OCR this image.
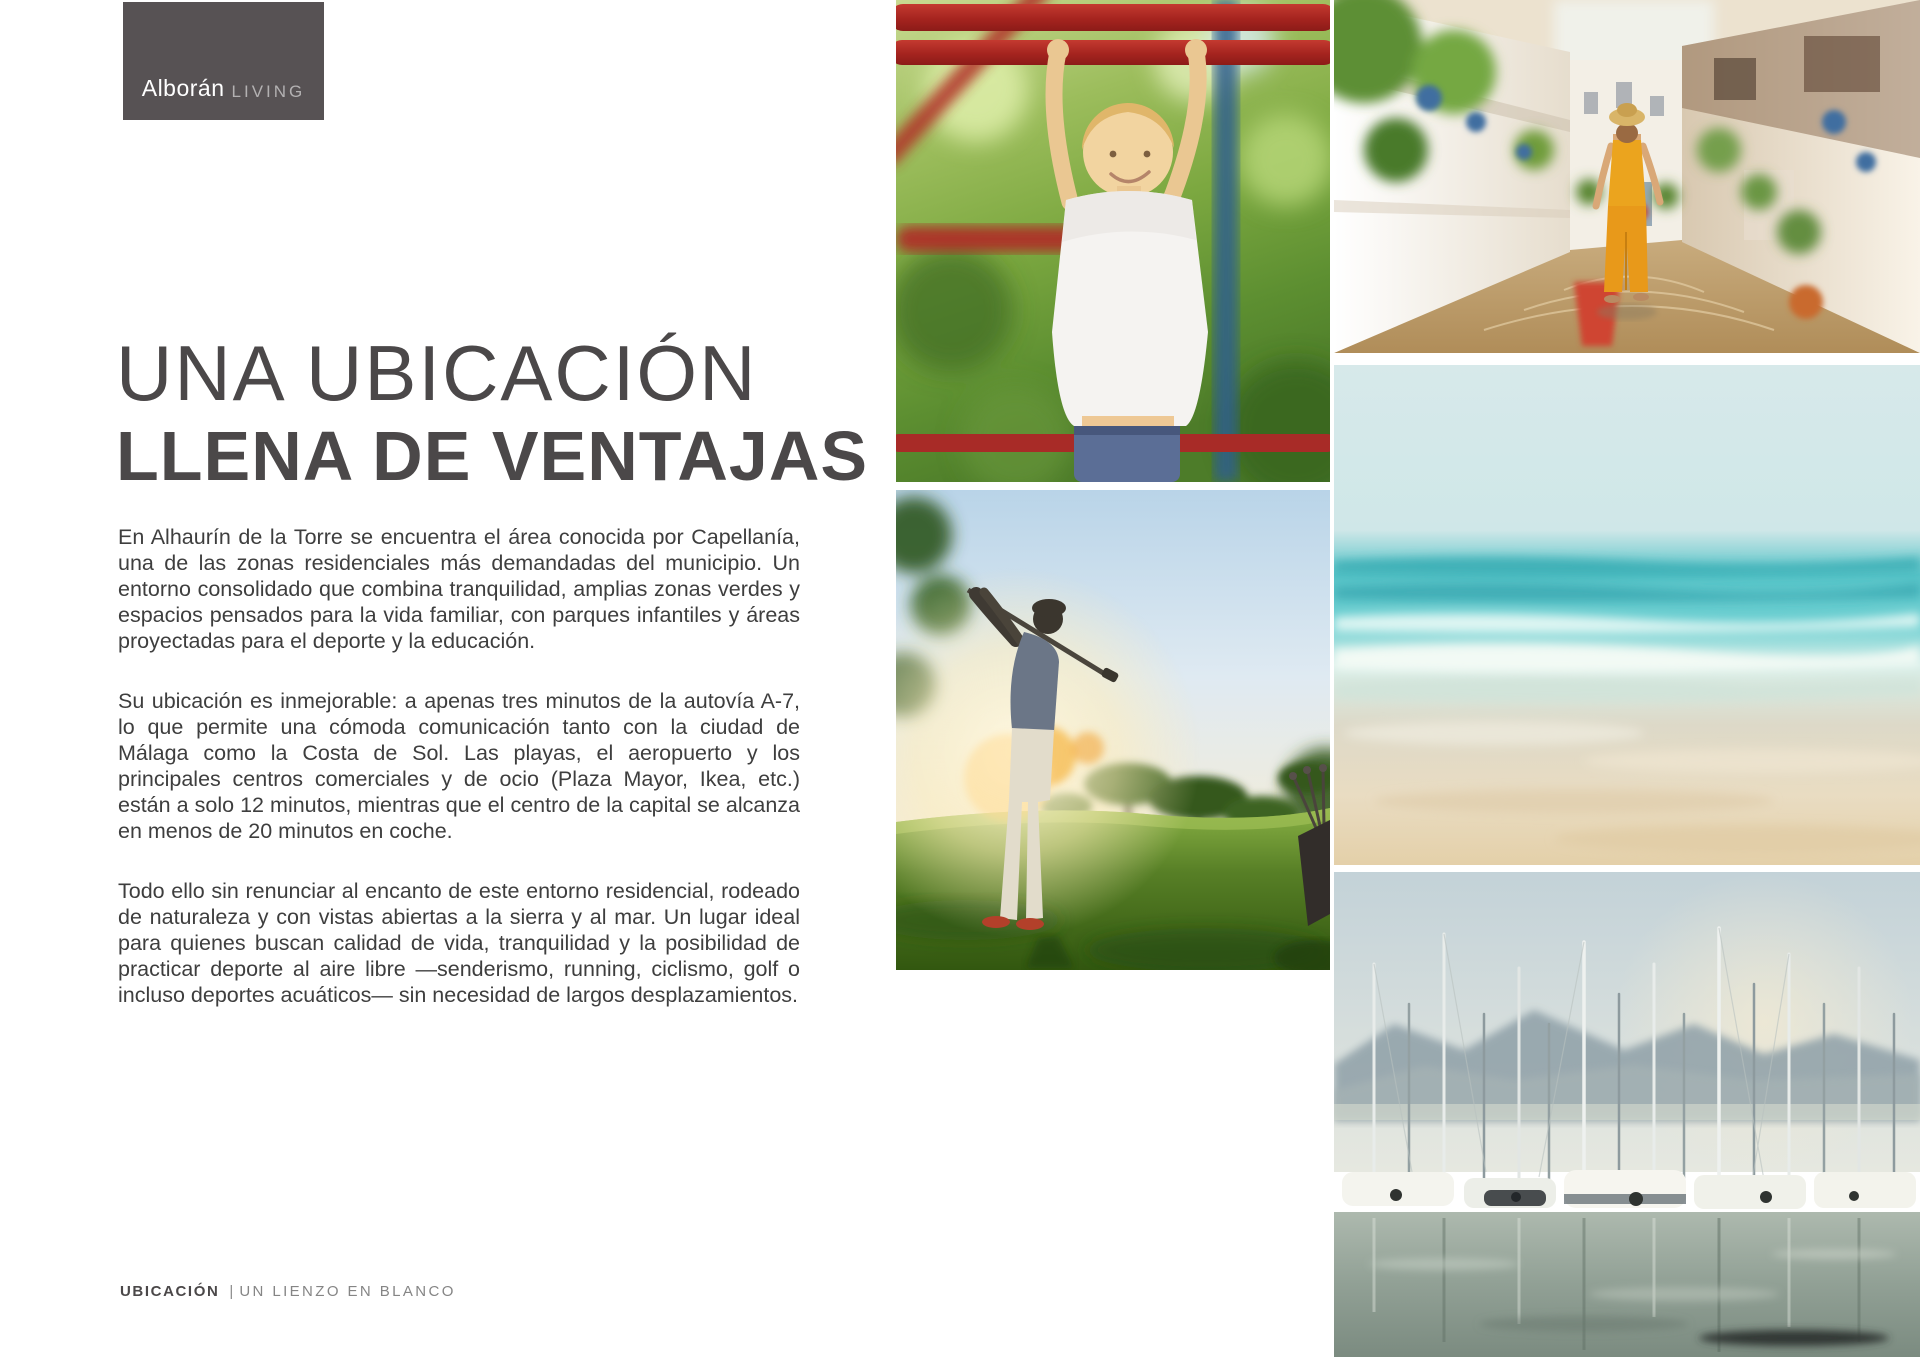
Alborán LIVING
UNA UBICACIÓN
LLENA DE VENTAJAS

En Alhaurín de la Torre se encuentra el área conocida por Capellanía, una de las zonas residenciales más demandadas del municipio. Un entorno consolidado que combina tranquilidad, amplias zonas verdes y espacios pensados para la vida familiar, con parques infantiles y áreas proyectadas para el deporte y la educación.

Su ubicación es inmejorable: a apenas tres minutos de la autovía A-7, lo que permite una cómoda comunicación tanto con la ciudad de Málaga como la Costa de Sol. Las playas, el aeropuerto y los principales centros comerciales y de ocio (Plaza Mayor, Ikea, etc.) están a solo 12 minutos, mientras que el centro de la capital se alcanza en menos de 20 minutos en coche.

Todo ello sin renunciar al encanto de este entorno residencial, rodeado de naturaleza y con vistas abiertas a la sierra y al mar. Un lugar ideal para quienes buscan calidad de vida, tranquilidad y la posibilidad de practicar deporte al aire libre —senderismo, running, ciclismo, golf o incluso deportes acuáticos— sin necesidad de largos desplazamientos.

UBICACIÓN | UN LIENZO EN BLANCO
